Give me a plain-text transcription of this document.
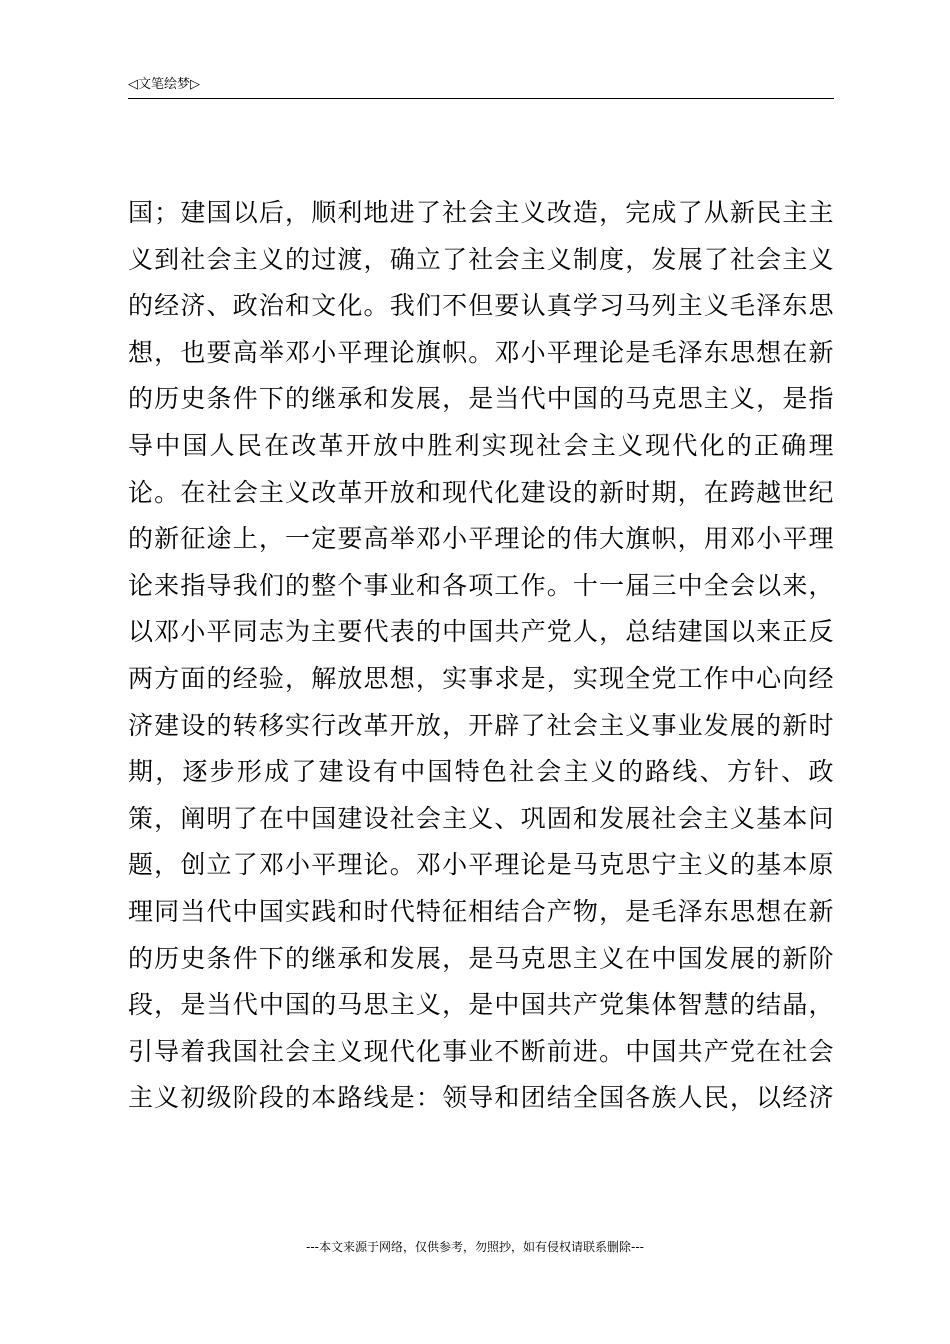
◁文笔绘梦▷
国；建国以后，顺利地进了社会主义改造，完成了从新民主主
义到社会主义的过渡，确立了社会主义制度，发展了社会主义
的经济、政治和文化。我们不但要认真学习马列主义毛泽东思
想，也要高举邓小平理论旗帜。邓小平理论是毛泽东思想在新
的历史条件下的继承和发展，是当代中国的马克思主义，是指
导中国人民在改革开放中胜利实现社会主义现代化的正确理
论。在社会主义改革开放和现代化建设的新时期，在跨越世纪
的新征途上，一定要高举邓小平理论的伟大旗帜，用邓小平理
论来指导我们的整个事业和各项工作。十一届三中全会以来，
以邓小平同志为主要代表的中国共产党人，总结建国以来正反
两方面的经验，解放思想，实事求是，实现全党工作中心向经
济建设的转移实行改革开放，开辟了社会主义事业发展的新时
期，逐步形成了建设有中国特色社会主义的路线、方针、政
策，阐明了在中国建设社会主义、巩固和发展社会主义基本问
题，创立了邓小平理论。邓小平理论是马克思宁主义的基本原
理同当代中国实践和时代特征相结合产物，是毛泽东思想在新
的历史条件下的继承和发展，是马克思主义在中国发展的新阶
段，是当代中国的马思主义，是中国共产党集体智慧的结晶，
引导着我国社会主义现代化事业不断前进。中国共产党在社会
主义初级阶段的本路线是：领导和团结全国各族人民，以经济
---本文来源于网络，仅供参考，勿照抄，如有侵权请联系删除---
